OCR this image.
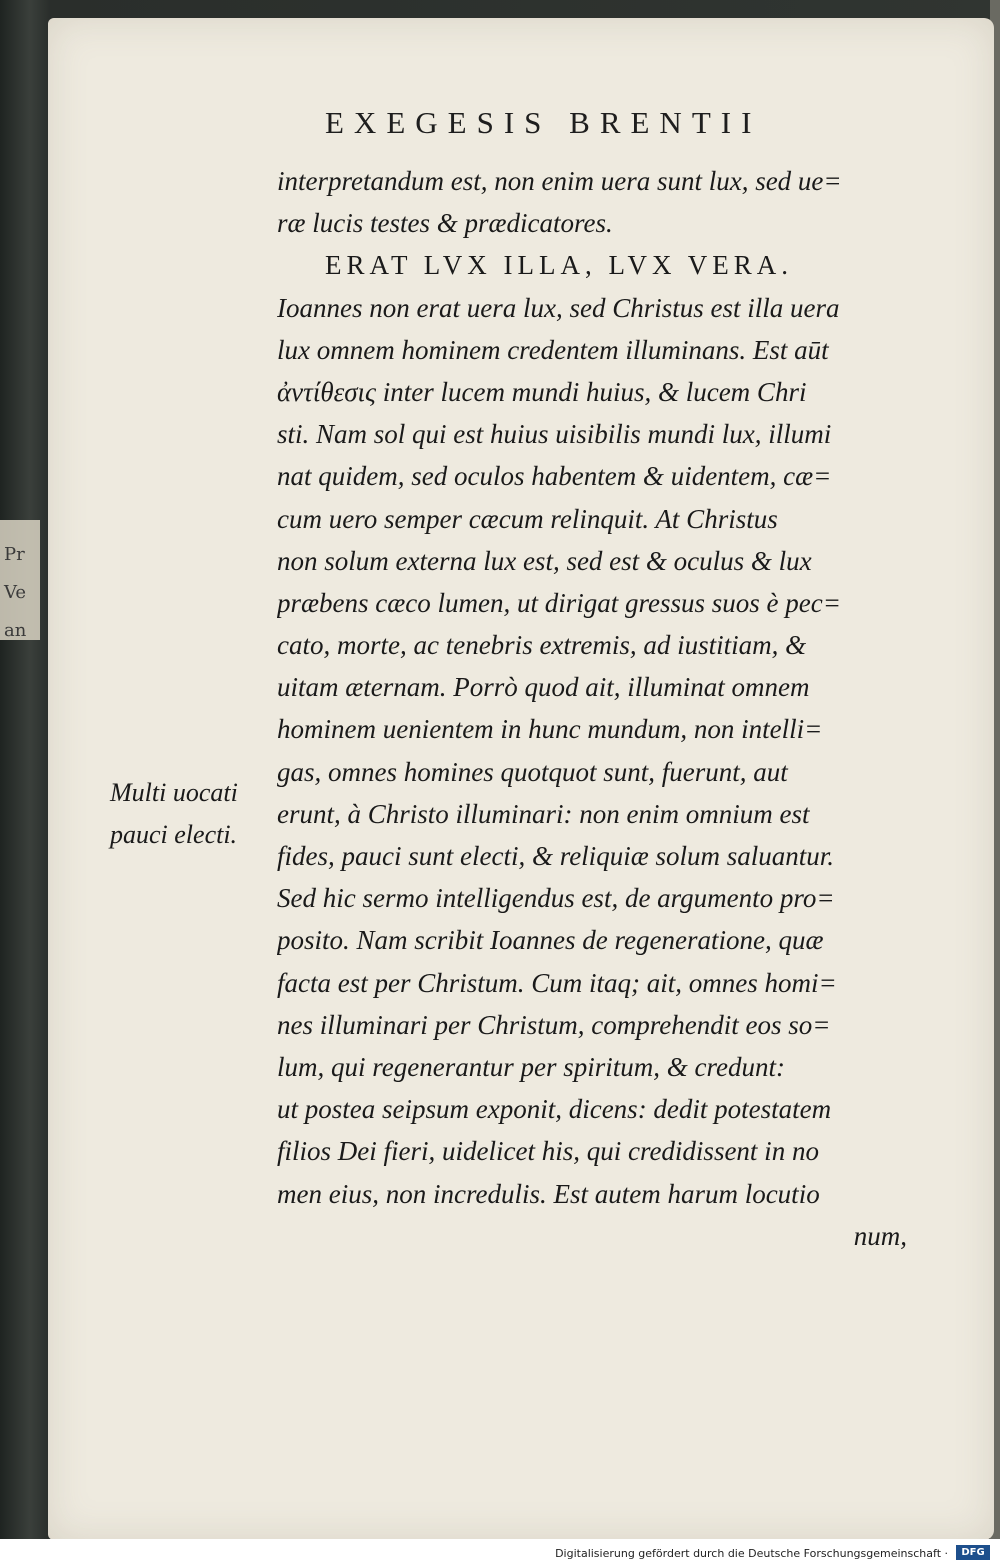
Pr
Ve
an
EXEGESIS BRENTII
Multi uocati
pauci electi.
interpretandum est, non enim uera sunt lux, sed ue=
ræ lucis testes & prædicatores.
ERAT LVX ILLA, LVX VERA.
Ioannes non erat uera lux, sed Christus est illa uera
lux omnem hominem credentem illuminans. Est aūt
ἀντίθεσις inter lucem mundi huius, & lucem Chri
sti. Nam sol qui est huius uisibilis mundi lux, illumi
nat quidem, sed oculos habentem & uidentem, cæ=
cum uero semper cæcum relinquit. At Christus
non solum externa lux est, sed est & oculus & lux
præbens cæco lumen, ut dirigat gressus suos è pec=
cato, morte, ac tenebris extremis, ad iustitiam, &
uitam æternam. Porrò quod ait, illuminat omnem
hominem uenientem in hunc mundum, non intelli=
gas, omnes homines quotquot sunt, fuerunt, aut
erunt, à Christo illuminari: non enim omnium est
fides, pauci sunt electi, & reliquiæ solum saluantur.
Sed hic sermo intelligendus est, de argumento pro=
posito. Nam scribit Ioannes de regeneratione, quæ
facta est per Christum. Cum itaq; ait, omnes homi=
nes illuminari per Christum, comprehendit eos so=
lum, qui regenerantur per spiritum, & credunt:
ut postea seipsum exponit, dicens: dedit potestatem
filios Dei fieri, uidelicet his, qui credidissent in no
men eius, non incredulis. Est autem harum locutio
num,
Digitalisierung gefördert durch die Deutsche Forschungsgemeinschaft ·	DFG
